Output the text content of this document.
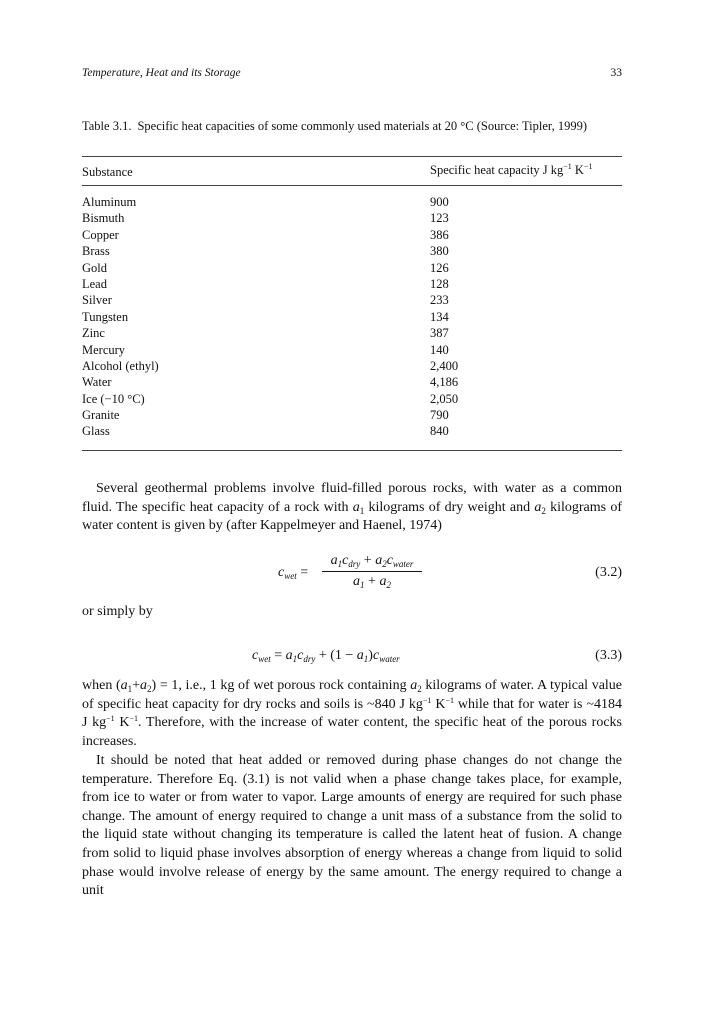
Temperature, Heat and its Storage	33
Table 3.1. Specific heat capacities of some commonly used materials at 20 °C (Source: Tipler, 1999)
Substance	Specific heat capacity J $kg^{-1}$ $K^{-1}$
Aluminum	900
Bismuth	123
Copper	386
Brass	380
Gold	126
Lead	128
Silver	233
Tungsten	134
Zinc	387
Mercury	140
Alcohol (ethyl)	2,400
Water	4,186
Ice (−10 °C)	2,050
Granite	790
Glass	840
Several geothermal problems involve fluid-filled porous rocks, with water as a common fluid. The specific heat capacity of a rock with $a_1$ kilograms of dry weight and $a_2$ kilograms of water content is given by (after Kappelmeyer and Haenel, 1974)
$c_{wet}$ =
$a_1c_{dry} + a_2c_{water}$
$a_1 + a_2$
(3.2)
or simply by
$c_{wet} = a_1c_{dry} + (1 - a_1)c_{water}$	(3.3)
when $(a_1+a_2) = 1$, i.e., 1 kg of wet porous rock containing $a_2$ kilograms of water. A typical value of specific heat capacity for dry rocks and soils is ~840 J $kg^{-1}$ $K^{-1}$ while that for water is ~4184 J $kg^{-1}$ $K^{-1}$. Therefore, with the increase of water content, the specific heat of the porous rocks increases.
It should be noted that heat added or removed during phase changes do not change the temperature. Therefore Eq. (3.1) is not valid when a phase change takes place, for example, from ice to water or from water to vapor. Large amounts of energy are required for such phase change. The amount of energy required to change a unit mass of a substance from the solid to the liquid state without changing its temperature is called the latent heat of fusion. A change from solid to liquid phase involves absorption of energy whereas a change from liquid to solid phase would involve release of energy by the same amount. The energy required to change a unit
